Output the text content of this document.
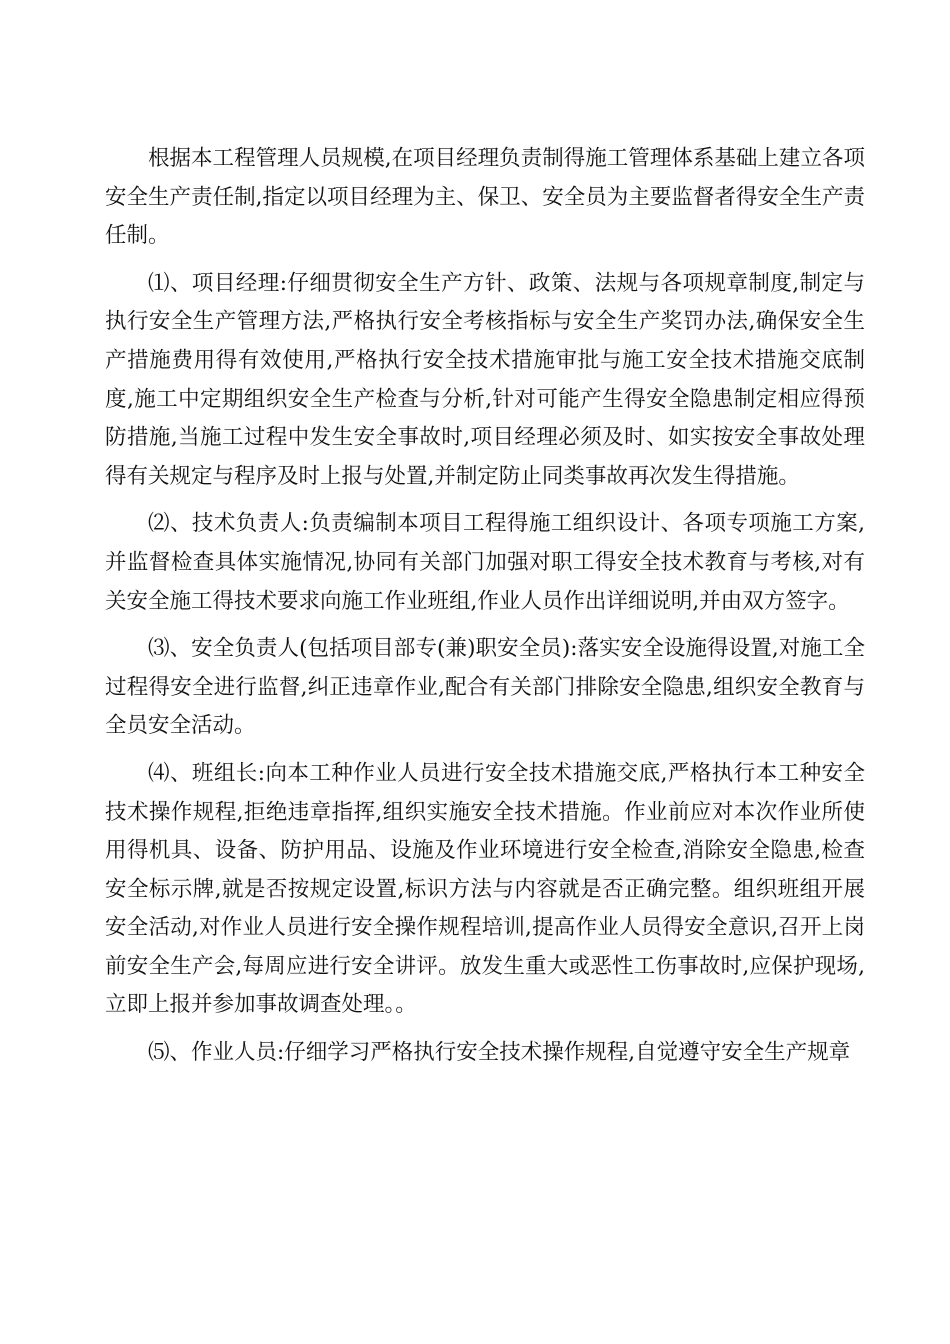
根据本工程管理人员规模,在项目经理负责制得施工管理体系基础上建立各项安全生产责任制,指定以项目经理为主、保卫、安全员为主要监督者得安全生产责任制。

⑴、项目经理:仔细贯彻安全生产方针、政策、法规与各项规章制度,制定与执行安全生产管理方法,严格执行安全考核指标与安全生产奖罚办法,确保安全生产措施费用得有效使用,严格执行安全技术措施审批与施工安全技术措施交底制度,施工中定期组织安全生产检查与分析,针对可能产生得安全隐患制定相应得预防措施,当施工过程中发生安全事故时,项目经理必须及时、如实按安全事故处理得有关规定与程序及时上报与处置,并制定防止同类事故再次发生得措施。

⑵、技术负责人:负责编制本项目工程得施工组织设计、各项专项施工方案,并监督检查具体实施情况,协同有关部门加强对职工得安全技术教育与考核,对有关安全施工得技术要求向施工作业班组,作业人员作出详细说明,并由双方签字。

⑶、安全负责人(包括项目部专(兼)职安全员):落实安全设施得设置,对施工全过程得安全进行监督,纠正违章作业,配合有关部门排除安全隐患,组织安全教育与全员安全活动。

⑷、班组长:向本工种作业人员进行安全技术措施交底,严格执行本工种安全技术操作规程,拒绝违章指挥,组织实施安全技术措施。作业前应对本次作业所使用得机具、设备、防护用品、设施及作业环境进行安全检查,消除安全隐患,检查安全标示牌,就是否按规定设置,标识方法与内容就是否正确完整。组织班组开展安全活动,对作业人员进行安全操作规程培训,提高作业人员得安全意识,召开上岗前安全生产会,每周应进行安全讲评。放发生重大或恶性工伤事故时,应保护现场,立即上报并参加事故调查处理。。

⑸、作业人员:仔细学习严格执行安全技术操作规程,自觉遵守安全生产规章
